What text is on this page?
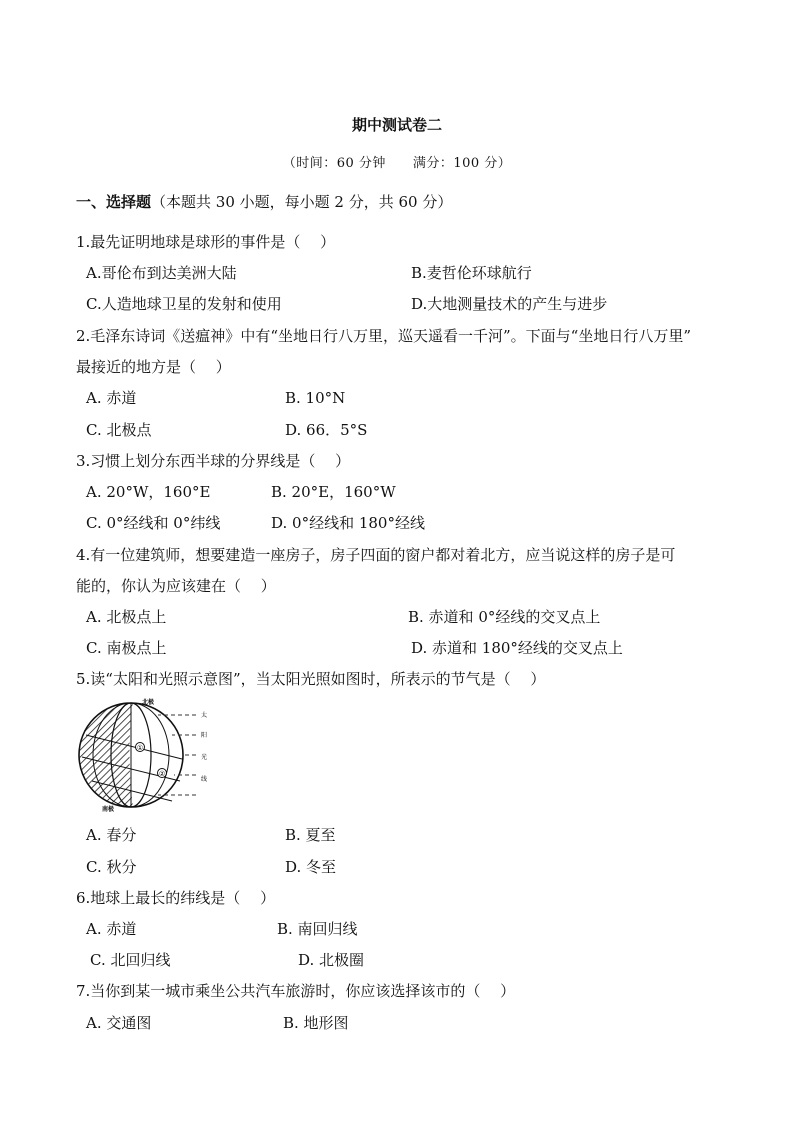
期中测试卷二
（时间：60 分钟　　满分：100 分）
一、选择题（本题共 30 小题，每小题 2 分，共 60 分）
1.最先证明地球是球形的事件是（　 ）
A.哥伦布到达美洲大陆	B.麦哲伦环球航行
C.人造地球卫星的发射和使用	D.大地测量技术的产生与进步
2.毛泽东诗词《送瘟神》中有“坐地日行八万里，巡天遥看一千河”。下面与“坐地日行八万里”
最接近的地方是（　 ）
A. 赤道	B. 10°N
C. 北极点	D. 66．5°S
3.习惯上划分东西半球的分界线是（　 ）
A. 20°W，160°E	B. 20°E，160°W
C. 0°经线和 0°纬线	D. 0°经线和 180°经线
4.有一位建筑师，想要建造一座房子，房子四面的窗户都对着北方，应当说这样的房子是可
能的，你认为应该建在（　 ）
A. 北极点上	B. 赤道和 0°经线的交叉点上
C. 南极点上	D. 赤道和 180°经线的交叉点上
5.读“太阳和光照示意图”，当太阳光照如图时，所表示的节气是（　 ）
①
②
北极
南极
太
阳
光
线
A. 春分	B. 夏至
C. 秋分	D. 冬至
6.地球上最长的纬线是（　 ）
A. 赤道	B. 南回归线
C. 北回归线	D. 北极圈
7.当你到某一城市乘坐公共汽车旅游时，你应该选择该市的（　 ）
A. 交通图	B. 地形图
